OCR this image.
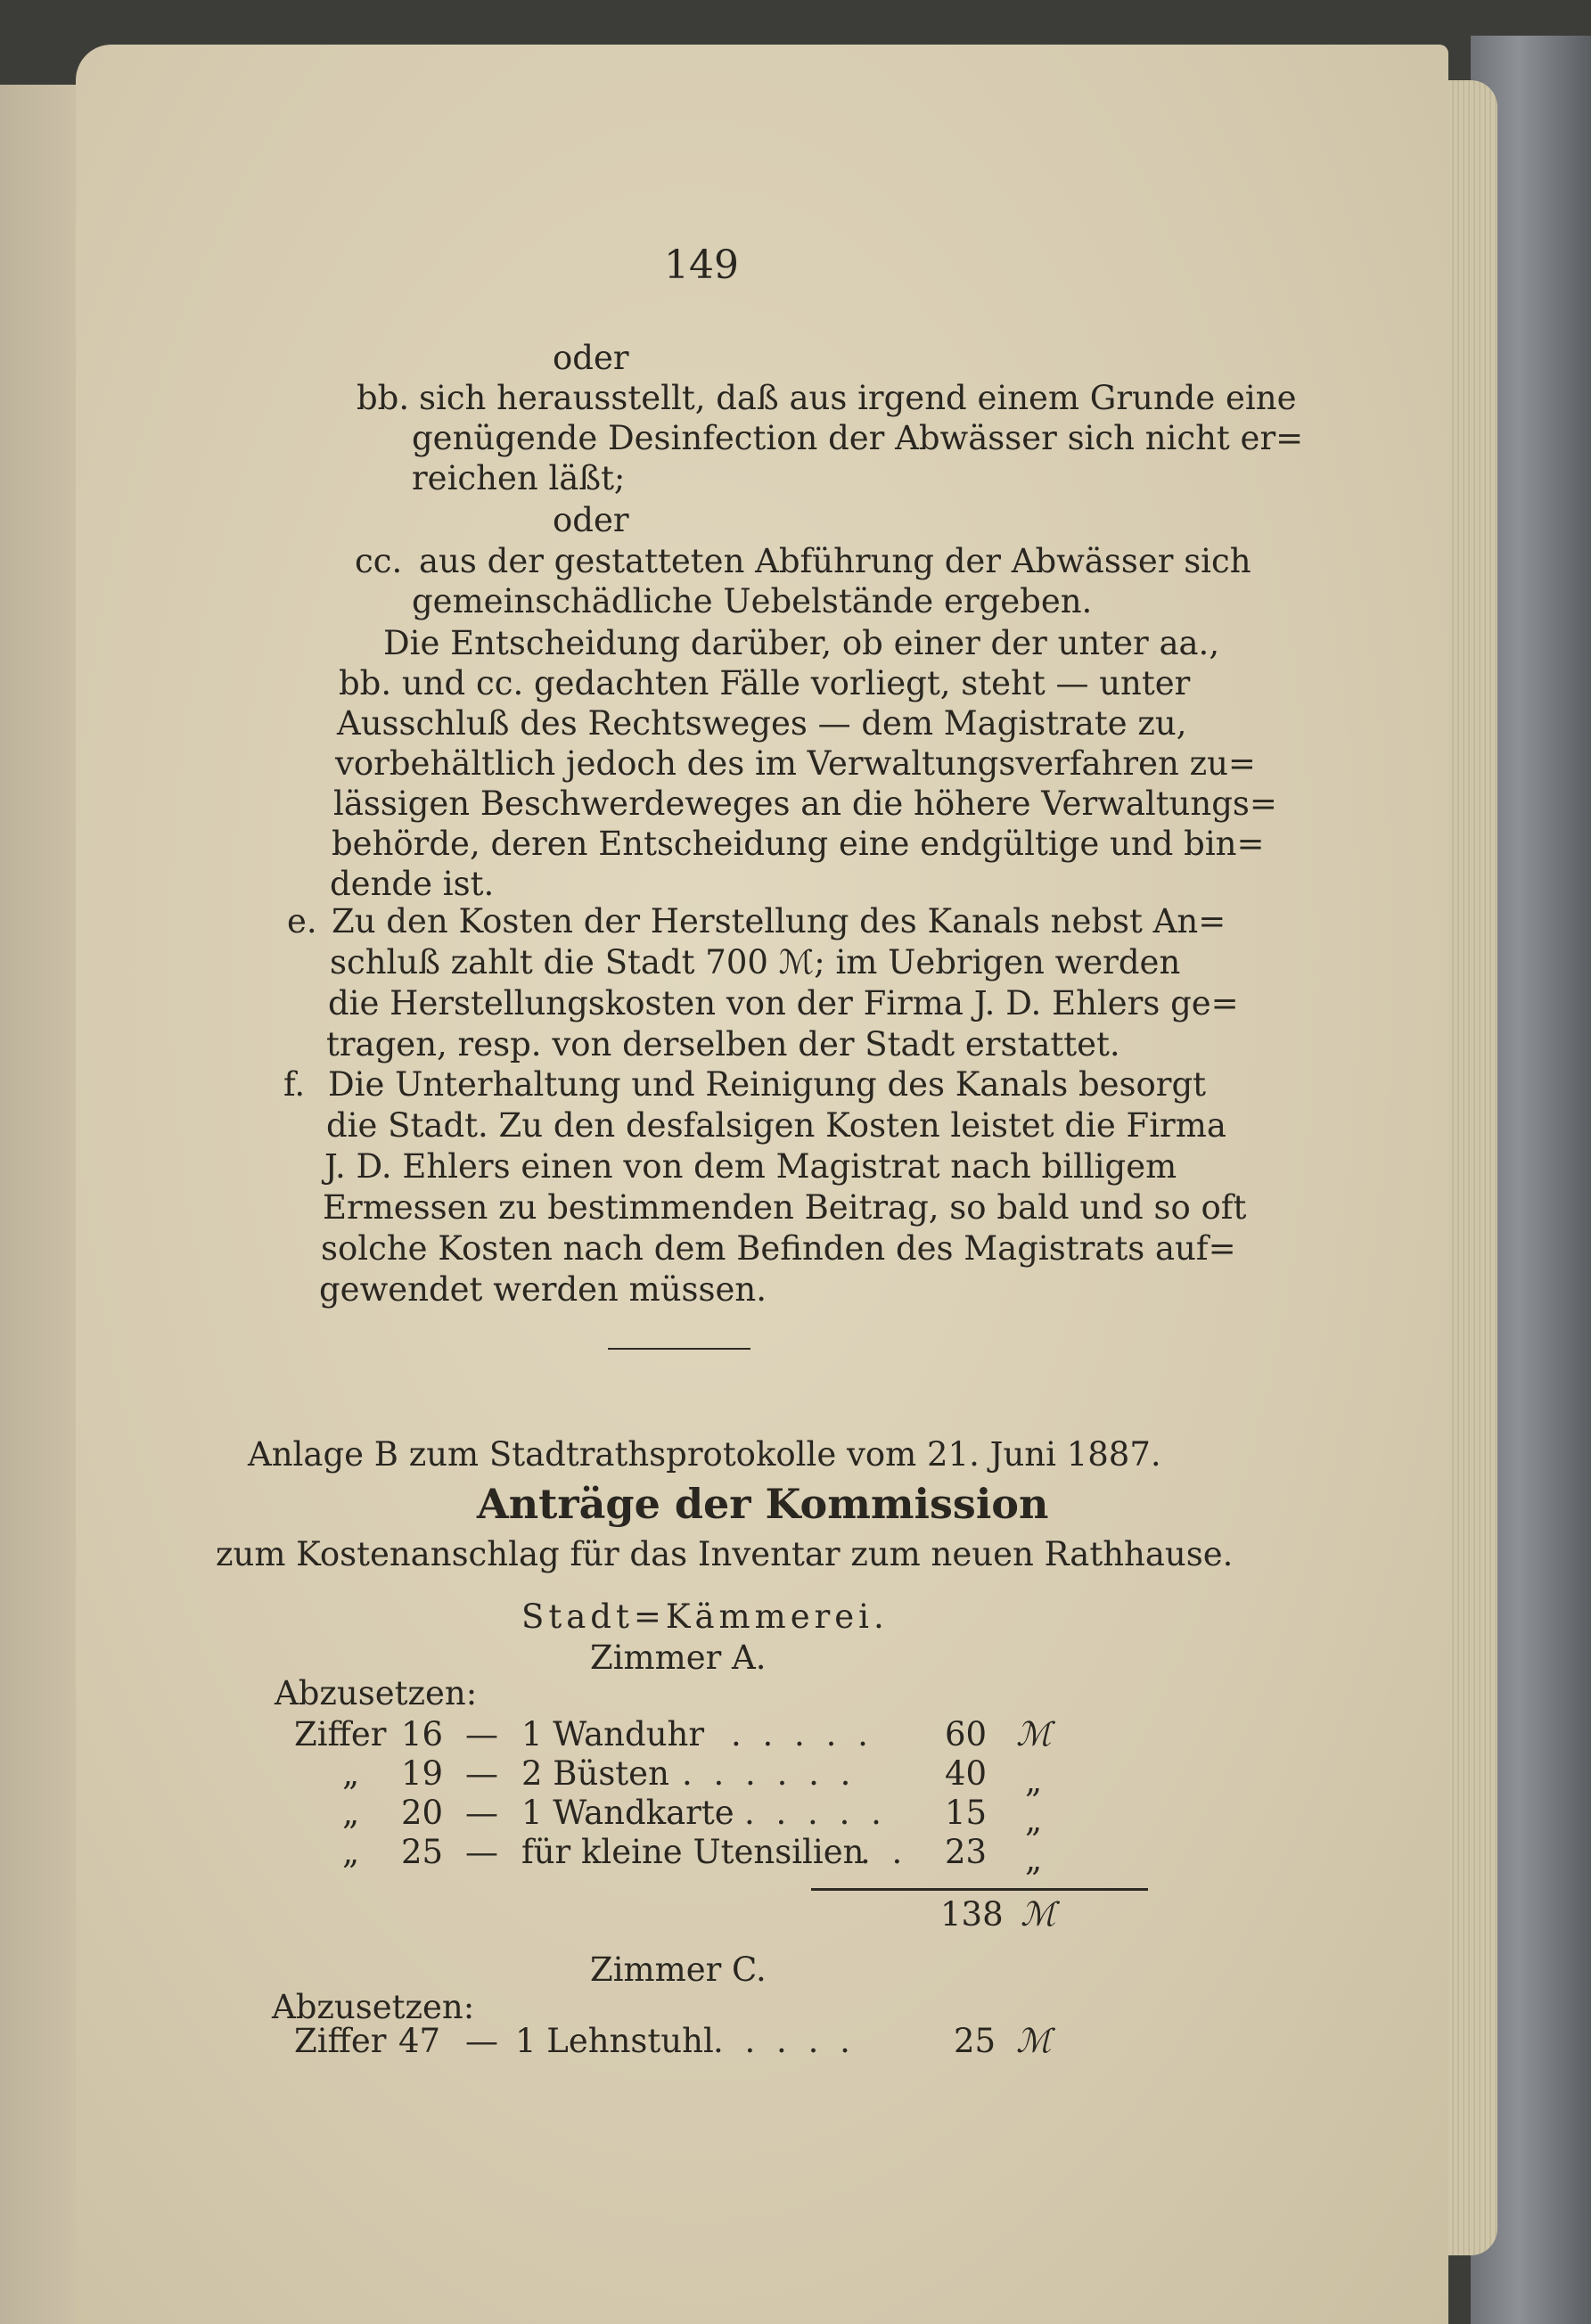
149
oder
bb. sich herausstellt, daß aus irgend einem Grunde eine
genügende Desinfection der Abwässer sich nicht er=
reichen läßt;
oder
cc. aus der gestatteten Abführung der Abwässer sich
gemeinschädliche Uebelstände ergeben.
Die Entscheidung darüber, ob einer der unter aa.,
bb. und cc. gedachten Fälle vorliegt, steht — unter
Ausschluß des Rechtsweges — dem Magistrate zu,
vorbehältlich jedoch des im Verwaltungsverfahren zu=
lässigen Beschwerdeweges an die höhere Verwaltungs=
behörde, deren Entscheidung eine endgültige und bin=
dende ist.
e. Zu den Kosten der Herstellung des Kanals nebst An=
schluß zahlt die Stadt 700 ℳ; im Uebrigen werden
die Herstellungskosten von der Firma J. D. Ehlers ge=
tragen, resp. von derselben der Stadt erstattet.
f. Die Unterhaltung und Reinigung des Kanals besorgt
die Stadt. Zu den desfalsigen Kosten leistet die Firma
J. D. Ehlers einen von dem Magistrat nach billigem
Ermessen zu bestimmenden Beitrag, so bald und so oft
solche Kosten nach dem Befinden des Magistrats auf=
gewendet werden müssen.
Anlage B zum Stadtrathsprotokolle vom 21. Juni 1887.
Anträge der Kommission
zum Kostenanschlag für das Inventar zum neuen Rathhause.
Stadt=Kämmerei.
Zimmer A.
Abzusetzen:
Ziffer 16 — 1 Wanduhr . . . . . 60 ℳ
„ 19 — 2 Büsten . . . . . .	40 „
„ 20 — 1 Wandkarte . . . . . 15 „
„ 25 — für kleine Utensilien
. . 23 „
138 ℳ
Zimmer C.
Abzusetzen:
Ziffer 47 — 1 Lehnstuhl . . . . .	25 ℳ
